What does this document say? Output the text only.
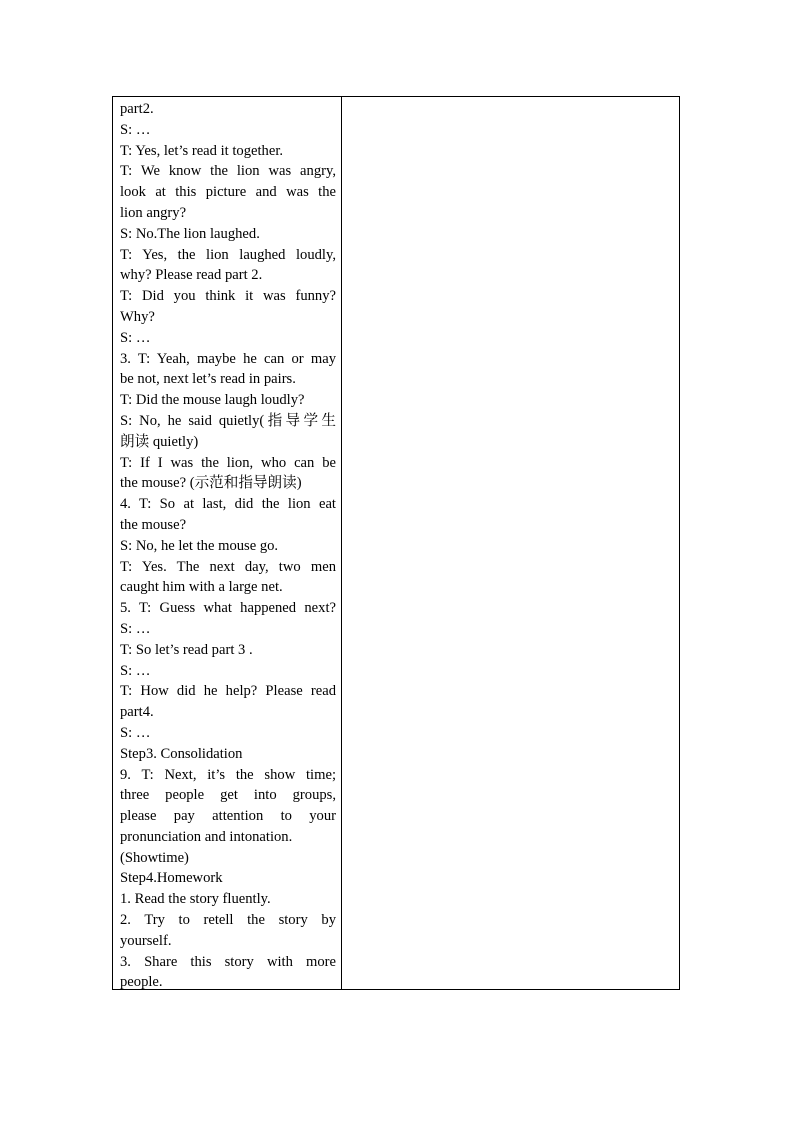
part2.
S: …
T: Yes, let’s read it together.
T: We know the lion was angry,
look at this picture and was the
lion angry?
S: No.The lion laughed.
T: Yes, the lion laughed loudly,
why? Please read part 2.
T: Did you think it was funny?
Why?
S: …
3. T: Yeah, maybe he can or may
be not, next let’s read in pairs.
T: Did the mouse laugh loudly?
S: No, he said quietly(指导学生
朗读 quietly)
T: If I was the lion, who can be
the mouse? (示范和指导朗读)
4. T: So at last, did the lion eat
the mouse?
S: No, he let the mouse go.
T: Yes. The next day, two men
caught him with a large net.
5. T: Guess what happened next?
S: …
T: So let’s read part 3 .
S: …
T: How did he help? Please read
part4.
S: …
Step3. Consolidation
9. T: Next, it’s the show time;
three people get into groups,
please pay attention to your
pronunciation and intonation.
(Showtime)
Step4.Homework
1. Read the story fluently.
2. Try to retell the story by
yourself.
3. Share this story with more
people.
